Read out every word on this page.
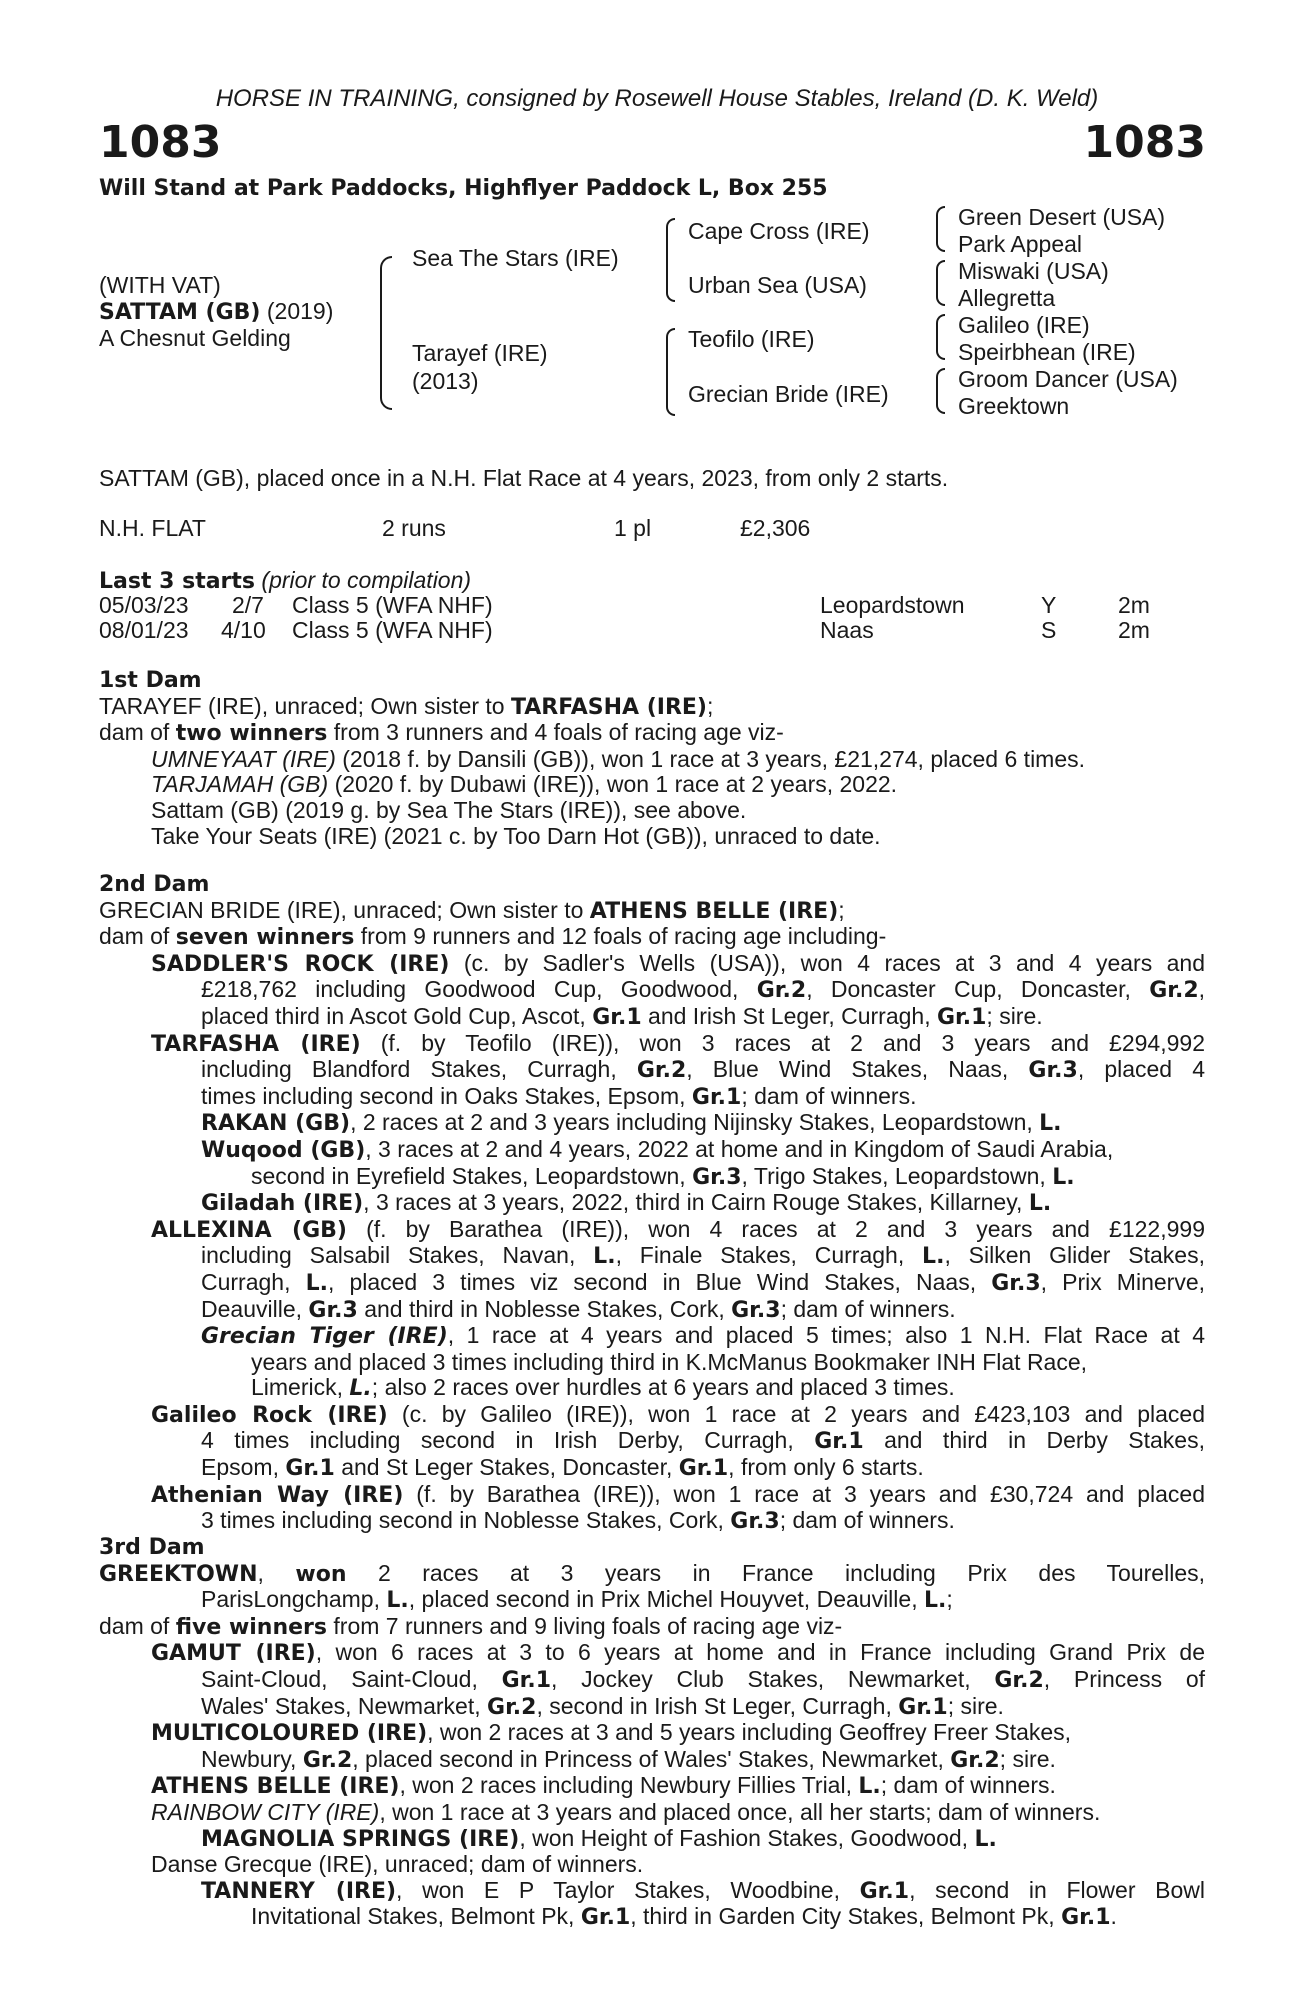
HORSE IN TRAINING, consigned by Rosewell House Stables, Ireland (D. K. Weld)
1083	1083
Will Stand at Park Paddocks, Highflyer Paddock L, Box 255
(WITH VAT)
SATTAM (GB) (2019)
A Chesnut Gelding
Sea The Stars (IRE)
Tarayef (IRE)
(2013)
Cape Cross (IRE)
Urban Sea (USA)
Teofilo (IRE)
Grecian Bride (IRE)
Green Desert (USA)
Park Appeal
Miswaki (USA)
Allegretta
Galileo (IRE)
Speirbhean (IRE)
Groom Dancer (USA)
Greektown
SATTAM (GB), placed once in a N.H. Flat Race at 4 years, 2023, from only 2 starts.
N.H. FLAT	2 runs	1 pl	£2,306
Last 3 starts (prior to compilation)
05/03/23 2/7 Class 5 (WFA NHF)	Leopardstown	Y	2m
08/01/23 4/10 Class 5 (WFA NHF)	Naas	S	2m
1st Dam
TARAYEF (IRE), unraced; Own sister to TARFASHA (IRE);
dam of two winners from 3 runners and 4 foals of racing age viz-
UMNEYAAT (IRE) (2018 f. by Dansili (GB)), won 1 race at 3 years, £21,274, placed 6 times.
TARJAMAH (GB) (2020 f. by Dubawi (IRE)), won 1 race at 2 years, 2022.
Sattam (GB) (2019 g. by Sea The Stars (IRE)), see above.
Take Your Seats (IRE) (2021 c. by Too Darn Hot (GB)), unraced to date.
2nd Dam
GRECIAN BRIDE (IRE), unraced; Own sister to ATHENS BELLE (IRE);
dam of seven winners from 9 runners and 12 foals of racing age including-
SADDLER'S ROCK (IRE) (c. by Sadler's Wells (USA)), won 4 races at 3 and 4 years and
£218,762 including Goodwood Cup, Goodwood, Gr.2, Doncaster Cup, Doncaster, Gr.2,
placed third in Ascot Gold Cup, Ascot, Gr.1 and Irish St Leger, Curragh, Gr.1; sire.
TARFASHA (IRE) (f. by Teofilo (IRE)), won 3 races at 2 and 3 years and £294,992
including Blandford Stakes, Curragh, Gr.2, Blue Wind Stakes, Naas, Gr.3, placed 4
times including second in Oaks Stakes, Epsom, Gr.1; dam of winners.
RAKAN (GB), 2 races at 2 and 3 years including Nijinsky Stakes, Leopardstown, L.
Wuqood (GB), 3 races at 2 and 4 years, 2022 at home and in Kingdom of Saudi Arabia,
second in Eyrefield Stakes, Leopardstown, Gr.3, Trigo Stakes, Leopardstown, L.
Giladah (IRE), 3 races at 3 years, 2022, third in Cairn Rouge Stakes, Killarney, L.
ALLEXINA (GB) (f. by Barathea (IRE)), won 4 races at 2 and 3 years and £122,999
including Salsabil Stakes, Navan, L., Finale Stakes, Curragh, L., Silken Glider Stakes,
Curragh, L., placed 3 times viz second in Blue Wind Stakes, Naas, Gr.3, Prix Minerve,
Deauville, Gr.3 and third in Noblesse Stakes, Cork, Gr.3; dam of winners.
Grecian Tiger (IRE), 1 race at 4 years and placed 5 times; also 1 N.H. Flat Race at 4
years and placed 3 times including third in K.McManus Bookmaker INH Flat Race,
Limerick, L.; also 2 races over hurdles at 6 years and placed 3 times.
Galileo Rock (IRE) (c. by Galileo (IRE)), won 1 race at 2 years and £423,103 and placed
4 times including second in Irish Derby, Curragh, Gr.1 and third in Derby Stakes,
Epsom, Gr.1 and St Leger Stakes, Doncaster, Gr.1, from only 6 starts.
Athenian Way (IRE) (f. by Barathea (IRE)), won 1 race at 3 years and £30,724 and placed
3 times including second in Noblesse Stakes, Cork, Gr.3; dam of winners.
3rd Dam
GREEKTOWN, won 2 races at 3 years in France including Prix des Tourelles,
ParisLongchamp, L., placed second in Prix Michel Houyvet, Deauville, L.;
dam of five winners from 7 runners and 9 living foals of racing age viz-
GAMUT (IRE), won 6 races at 3 to 6 years at home and in France including Grand Prix de
Saint-Cloud, Saint-Cloud, Gr.1, Jockey Club Stakes, Newmarket, Gr.2, Princess of
Wales' Stakes, Newmarket, Gr.2, second in Irish St Leger, Curragh, Gr.1; sire.
MULTICOLOURED (IRE), won 2 races at 3 and 5 years including Geoffrey Freer Stakes,
Newbury, Gr.2, placed second in Princess of Wales' Stakes, Newmarket, Gr.2; sire.
ATHENS BELLE (IRE), won 2 races including Newbury Fillies Trial, L.; dam of winners.
RAINBOW CITY (IRE), won 1 race at 3 years and placed once, all her starts; dam of winners.
MAGNOLIA SPRINGS (IRE), won Height of Fashion Stakes, Goodwood, L.
Danse Grecque (IRE), unraced; dam of winners.
TANNERY (IRE), won E P Taylor Stakes, Woodbine, Gr.1, second in Flower Bowl
Invitational Stakes, Belmont Pk, Gr.1, third in Garden City Stakes, Belmont Pk, Gr.1.
